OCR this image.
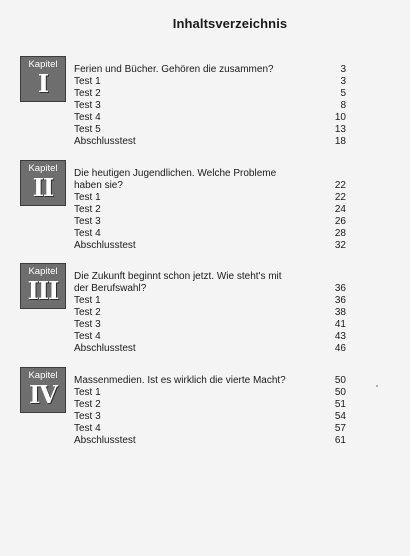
Inhaltsverzeichnis
Kapitel
I	Ferien und Bücher. Gehören die zusammen?	3
Test 1	3
Test 2	5
Test 3	8
Test 4	10
Test 5	13
Abschlusstest	18
Kapitel
II	Die heutigen Jugendlichen. Welche Probleme
haben sie?	22
Test 1	22
Test 2	24
Test 3	26
Test 4	28
Abschlusstest	32
Kapitel
III	Die Zukunft beginnt schon jetzt. Wie steht's mit
der Berufswahl?	36
Test 1	36
Test 2	38
Test 3	41
Test 4	43
Abschlusstest	46
Kapitel
IV	Massenmedien. Ist es wirklich die vierte Macht?	50
Test 1	50
Test 2	51
Test 3	54
Test 4	57
Abschlusstest	61
